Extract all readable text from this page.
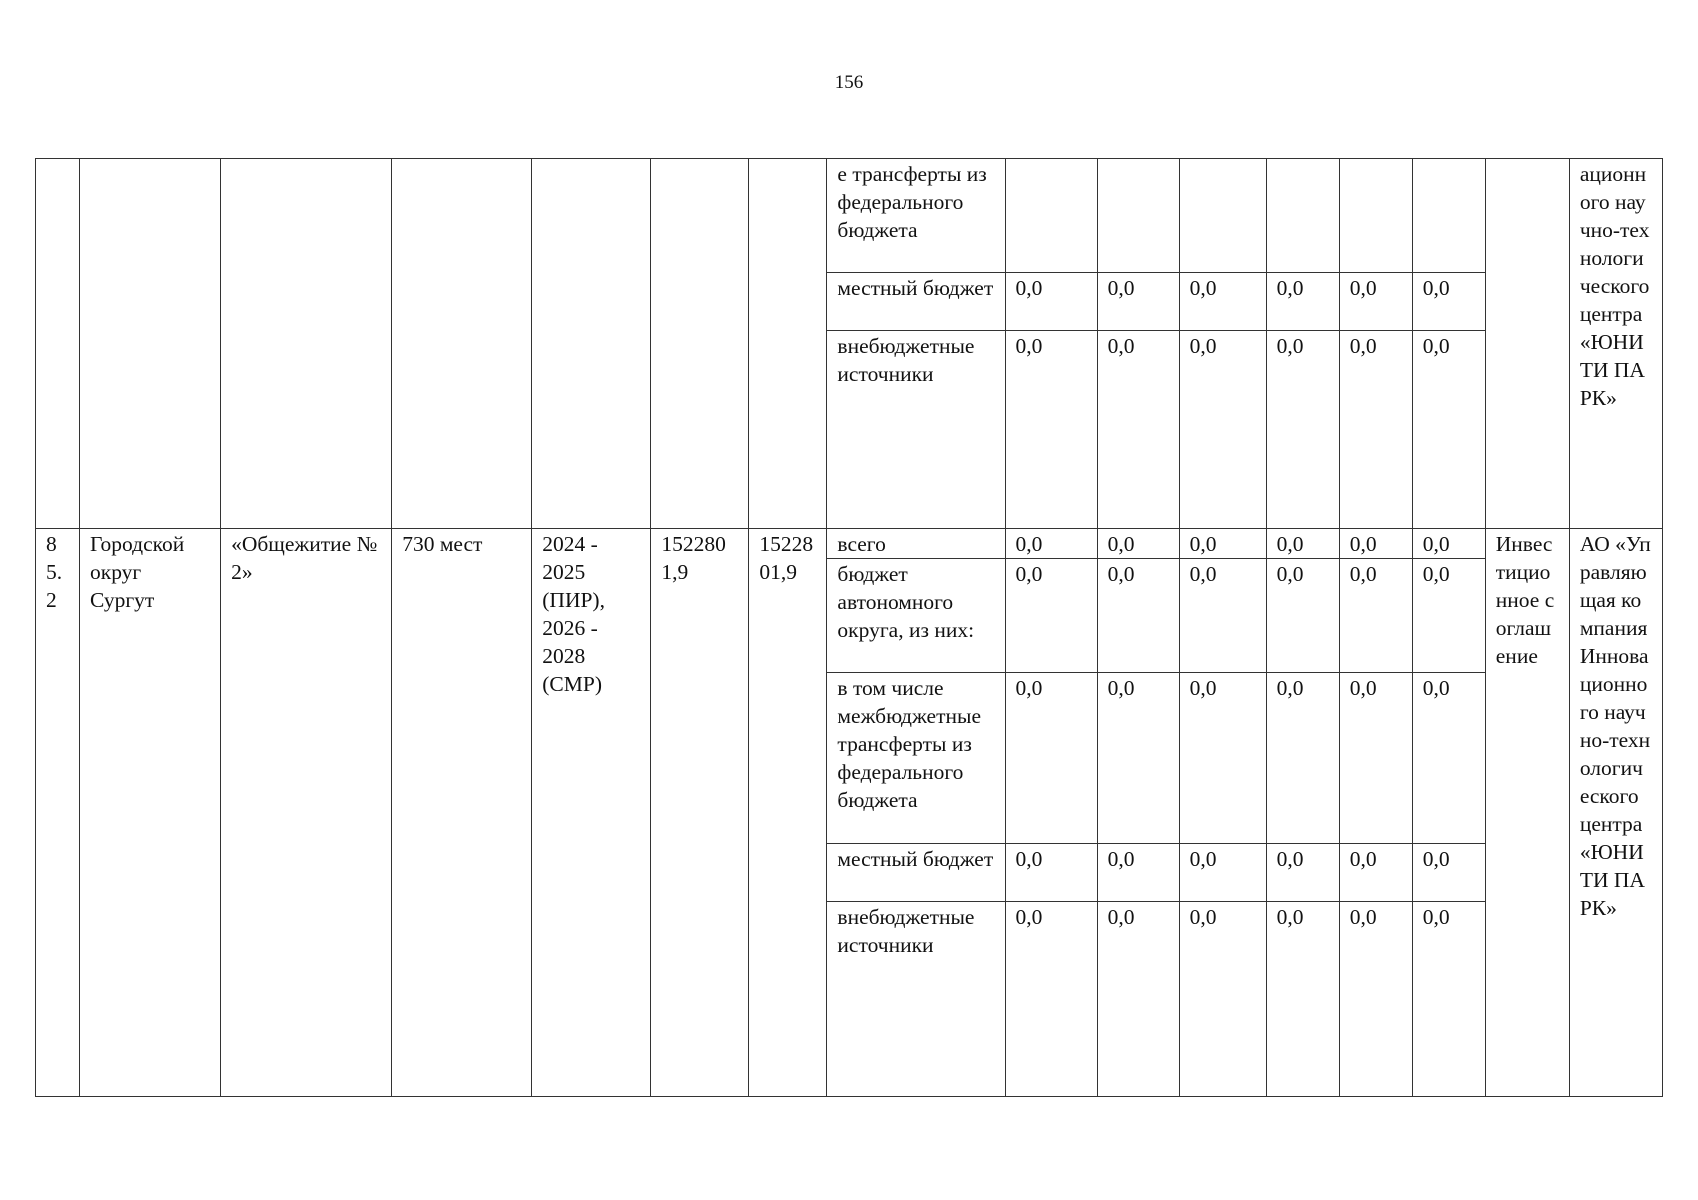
156
							е трансферты из федерального бюджета								ационного научно-технологического центра «ЮНИТИ ПАРК»
							местный бюджет	0,0	0,0	0,0	0,0	0,0	0,0		
							внебюджетные источники	0,0	0,0	0,0	0,0	0,0	0,0		
85.2	Городской округ Сургут	«Общежитие № 2»	730 мест	2024 - 2025 (ПИР), 2026 - 2028 (СМР)	1522801,9	1522801,9	всего	0,0	0,0	0,0	0,0	0,0	0,0	Инвестиционное соглашение	АО «Управляющая компания Инновационного научно-технологического центра «ЮНИТИ ПАРК»
							бюджет автономного округа, из них:	0,0	0,0	0,0	0,0	0,0	0,0		
							в том числе межбюджетные трансферты из федерального бюджета	0,0	0,0	0,0	0,0	0,0	0,0		
							местный бюджет	0,0	0,0	0,0	0,0	0,0	0,0		
							внебюджетные источники	0,0	0,0	0,0	0,0	0,0	0,0		
